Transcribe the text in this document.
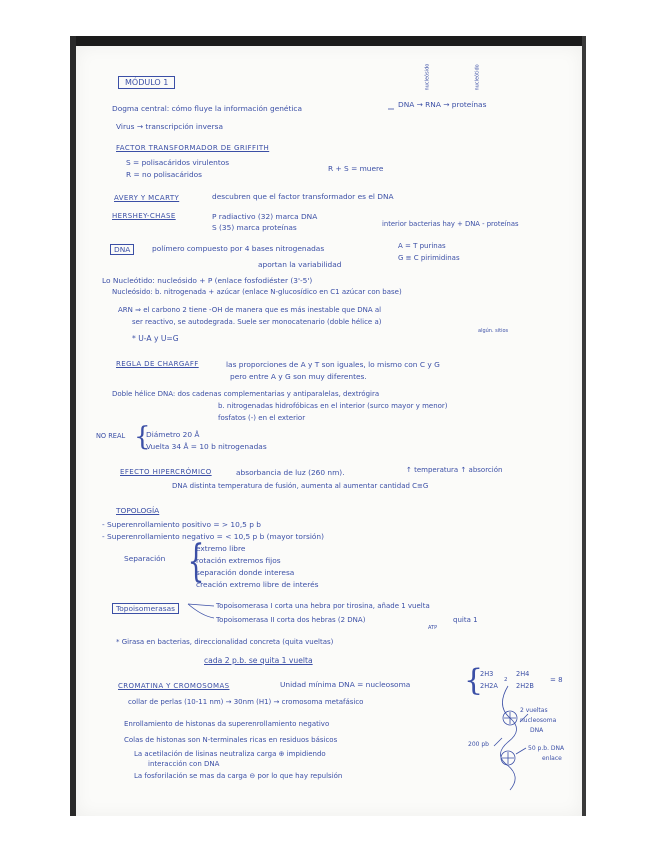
MÓDULO 1	nucleósido	nucleótido
Dogma central: cómo fluye la información genética	DNA → RNA → proteínas
Virus → transcripción inversa
FACTOR TRANSFORMADOR DE GRIFFITH
S = polisacáridos virulentos
R = no polisacáridos
R + S = muere
AVERY Y MCARTY	descubren que el factor transformador es el DNA
HERSHEY-CHASE	P radiactivo (32) marca DNA
S (35) marca proteínas	interior bacterias hay + DNA - proteínas
DNA	polímero compuesto por 4 bases nitrogenadas	A = T purinas
G ≡ C pirimidinas
aportan la variabilidad
Lo Nucleótido: nucleósido + P (enlace fosfodiéster (3'-5')
Nucleósido: b. nitrogenada + azúcar (enlace N-glucosídico en C1 azúcar con base)
ARN ⇒ el carbono 2 tiene -OH de manera que es más inestable que DNA al
ser reactivo, se autodegrada. Suele ser monocatenario (doble hélice a)
algún. sitios
* U-A y U=G
REGLA DE CHARGAFF	las proporciones de A y T son iguales, lo mismo con C y G
pero entre A y G son muy diferentes.
Doble hélice DNA: dos cadenas complementarias y antiparalelas, dextrógira
b. nitrogenadas hidrofóbicas en el interior (surco mayor y menor)
fosfatos (-) en el exterior
NO REAL {
Diámetro 20 Å
Vuelta 34 Å = 10 b nitrogenadas
EFECTO HIPERCRÓMICO	absorbancia de luz (260 nm).	↑ temperatura ↑ absorción
DNA distinta temperatura de fusión, aumenta al aumentar cantidad C≡G
TOPOLOGÍA
- Superenrollamiento positivo = > 10,5 p b
- Superenrollamiento negativo = < 10,5 p b (mayor torsión)
Separación {
extremo libre
rotación extremos fijos
separación donde interesa
creación extremo libre de interés
Topoisomerasas	Topoisomerasa I corta una hebra por tirosina, añade 1 vuelta
Topoisomerasa II corta dos hebras (2 DNA)	quita 1
ATP
* Girasa en bacterias, direccionalidad concreta (quita vueltas)
cada 2 p.b. se quita 1 vuelta
CROMATINA Y CROMOSOMAS	Unidad mínima DNA = nucleosoma {
2H3	2H4
2H2A	2H2B
= 8
collar de perlas (10-11 nm) → 30nm (H1) → cromosoma metafásico
Enrollamiento de histonas da superenrollamiento negativo
Colas de histonas son N-terminales ricas en residuos básicos
La acetilación de lisinas neutraliza carga ⊕ impidiendo
interacción con DNA
La fosforilación se mas da carga ⊖ por lo que hay repulsión
2 vueltas
nucleosoma
DNA
200 pb
50 p.b. DNA
enlace
2
